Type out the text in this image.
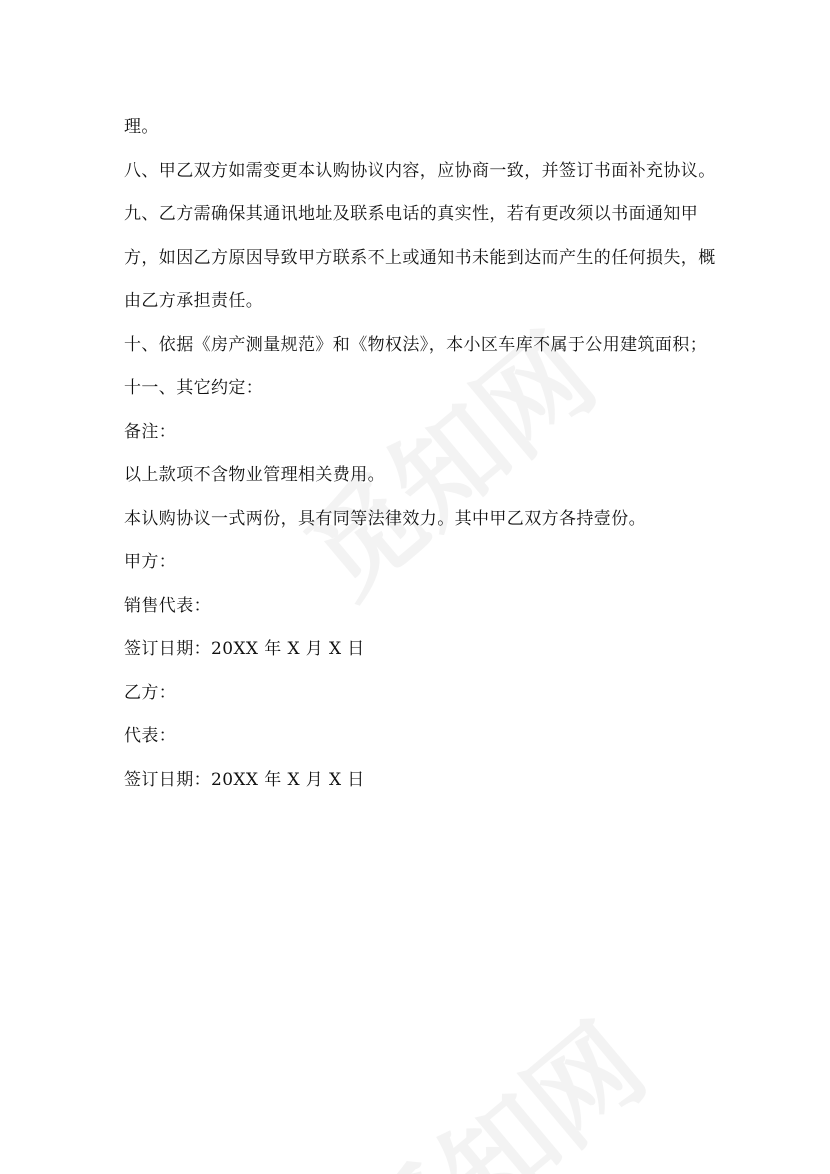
理。
八、甲乙双方如需变更本认购协议内容，应协商一致，并签订书面补充协议。
九、乙方需确保其通讯地址及联系电话的真实性，若有更改须以书面通知甲
方，如因乙方原因导致甲方联系不上或通知书未能到达而产生的任何损失，概
由乙方承担责任。
十、依据《房产测量规范》和《物权法》，本小区车库不属于公用建筑面积；
十一、其它约定：
备注：
以上款项不含物业管理相关费用。
本认购协议一式两份，具有同等法律效力。其中甲乙双方各持壹份。
甲方：
销售代表：
签订日期：20XX 年 X 月 X 日
乙方：
代表：
签订日期：20XX 年 X 月 X 日
